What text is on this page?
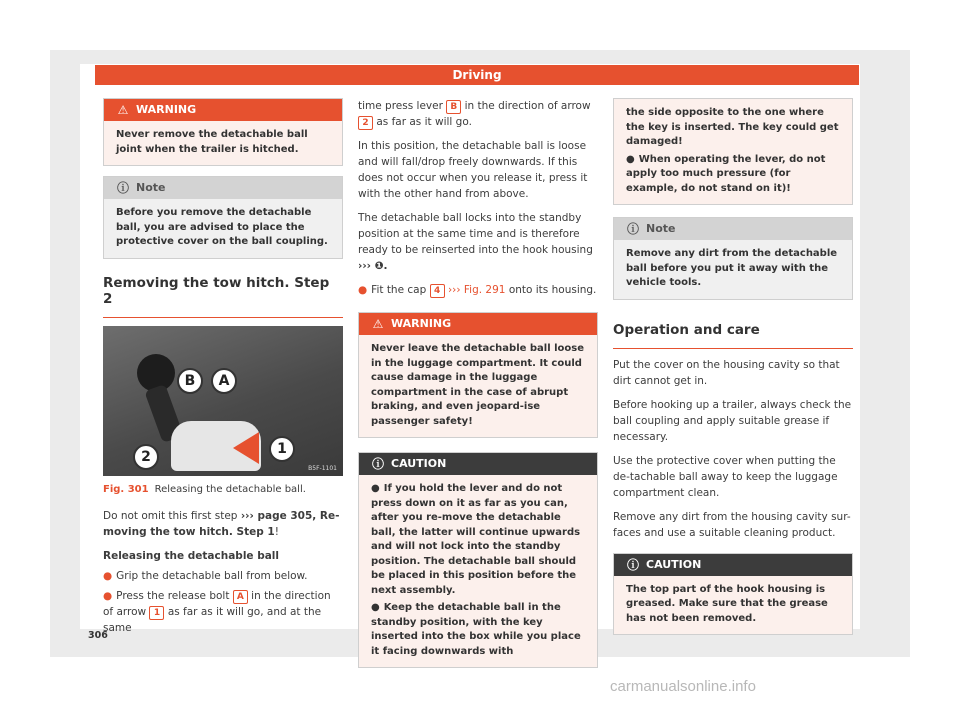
Driving
⚠ WARNING
Never remove the detachable ball joint when the trailer is hitched.
ⓘ Note
Before you remove the detachable ball, you are advised to place the protective cover on the ball coupling.
Removing the tow hitch. Step 2
B	A
2	1
B5F-1101
Fig. 301 Releasing the detachable ball.

Do not omit this first step ››› page 305, Re-moving the tow hitch. Step 1!

Releasing the detachable ball

● Grip the detachable ball from below.

● Press the release bolt A in the direction of arrow 1 as far as it will go, and at the same

time press lever B in the direction of arrow 2 as far as it will go.

In this position, the detachable ball is loose and will fall/drop freely downwards. If this does not occur when you release it, press it with the other hand from above.

The detachable ball locks into the standby position at the same time and is therefore ready to be reinserted into the hook housing ››› ❶.

● Fit the cap 4 ››› Fig. 291 onto its housing.

⚠ WARNING
Never leave the detachable ball loose in the luggage compartment. It could cause damage in the luggage compartment in the case of abrupt braking, and even jeopard-ise passenger safety!
ⓘ CAUTION
● If you hold the lever and do not press down on it as far as you can, after you re-move the detachable ball, the latter will continue upwards and will not lock into the standby position. The detachable ball should be placed in this position before the next assembly.
● Keep the detachable ball in the standby position, with the key inserted into the box while you place it facing downwards with
the side opposite to the one where the key is inserted. The key could get damaged!
● When operating the lever, do not apply too much pressure (for example, do not stand on it)!
ⓘ Note
Remove any dirt from the detachable ball before you put it away with the vehicle tools.
Operation and care

Put the cover on the housing cavity so that dirt cannot get in.

Before hooking up a trailer, always check the ball coupling and apply suitable grease if necessary.

Use the protective cover when putting the de-tachable ball away to keep the luggage compartment clean.

Remove any dirt from the housing cavity sur-faces and use a suitable cleaning product.

ⓘ CAUTION
The top part of the hook housing is greased. Make sure that the grease has not been removed.
306
carmanualsonline.info
